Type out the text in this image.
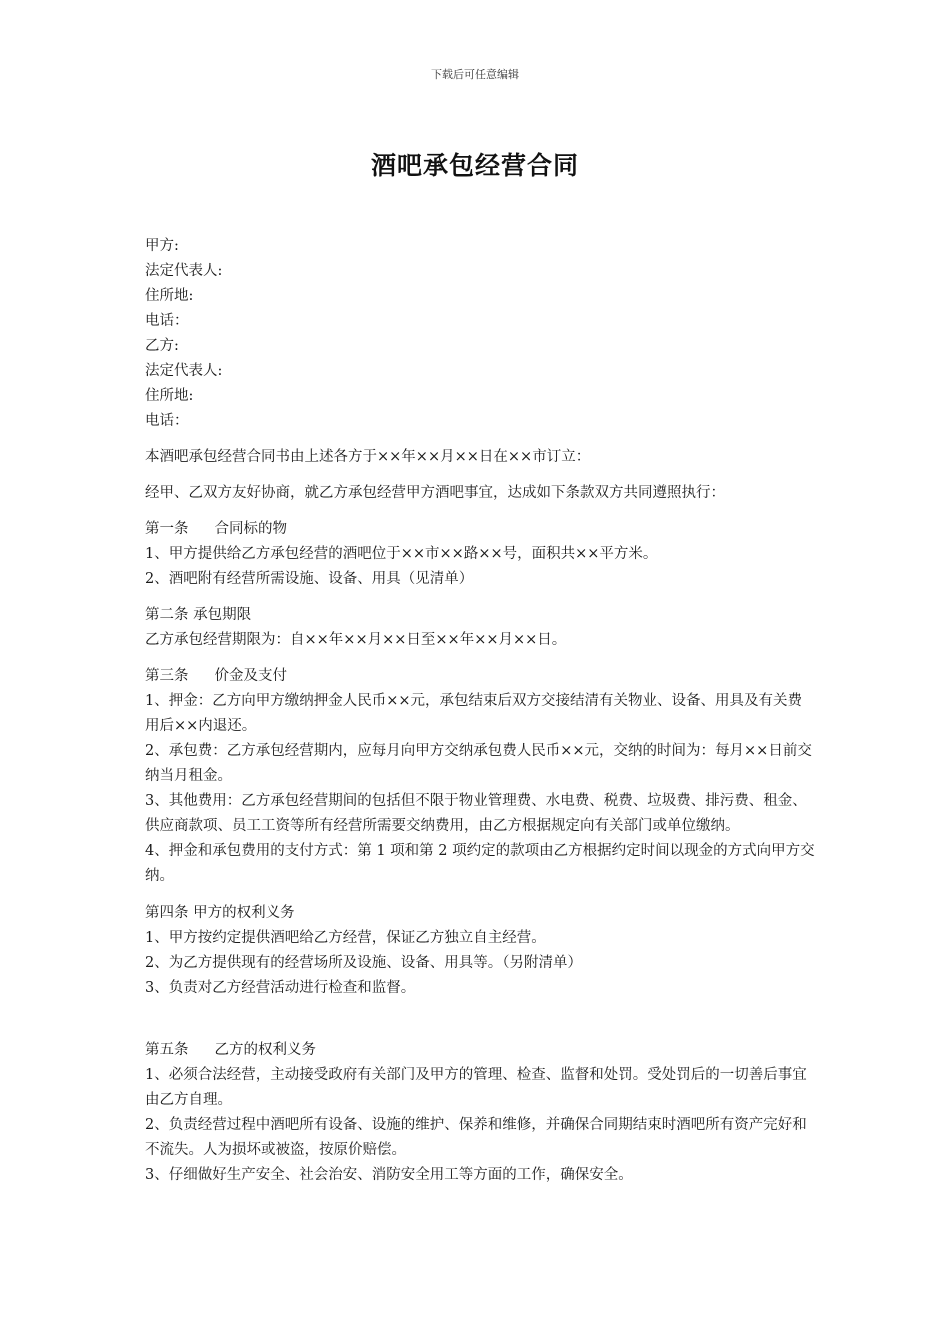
下载后可任意编辑
酒吧承包经营合同

甲方:

法定代表人:

住所地:

电话：

乙方:

法定代表人:

住所地:

电话：

本酒吧承包经营合同书由上述各方于××年××月××日在××市订立：

经甲、乙双方友好协商，就乙方承包经营甲方酒吧事宜，达成如下条款双方共同遵照执行：

第一条 合同标的物

1、甲方提供给乙方承包经营的酒吧位于××市××路××号，面积共××平方米。

2、酒吧附有经营所需设施、设备、用具（见清单）

第二条 承包期限

乙方承包经营期限为：自××年××月××日至××年××月××日。

第三条 价金及支付

1、押金：乙方向甲方缴纳押金人民币××元，承包结束后双方交接结清有关物业、设备、用具及有关费用后××内退还。

2、承包费：乙方承包经营期内，应每月向甲方交纳承包费人民币××元，交纳的时间为：每月××日前交纳当月租金。

3、其他费用：乙方承包经营期间的包括但不限于物业管理费、水电费、税费、垃圾费、排污费、租金、供应商款项、员工工资等所有经营所需要交纳费用，由乙方根据规定向有关部门或单位缴纳。

4、押金和承包费用的支付方式：第 1 项和第 2 项约定的款项由乙方根据约定时间以现金的方式向甲方交纳。

第四条 甲方的权利义务

1、甲方按约定提供酒吧给乙方经营，保证乙方独立自主经营。

2、为乙方提供现有的经营场所及设施、设备、用具等。（另附清单）

3、负责对乙方经营活动进行检查和监督。

第五条 乙方的权利义务

1、必须合法经营，主动接受政府有关部门及甲方的管理、检查、监督和处罚。受处罚后的一切善后事宜由乙方自理。

2、负责经营过程中酒吧所有设备、设施的维护、保养和维修，并确保合同期结束时酒吧所有资产完好和不流失。人为损坏或被盗，按原价赔偿。

3、仔细做好生产安全、社会治安、消防安全用工等方面的工作，确保安全。
